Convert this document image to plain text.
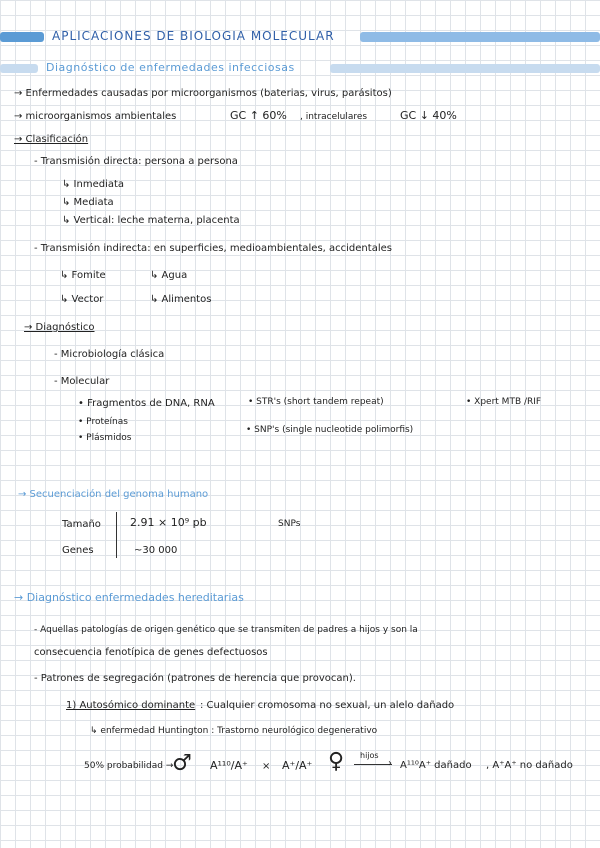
APLICACIONES DE BIOLOGIA MOLECULAR
Diagnóstico de enfermedades infecciosas
→ Enfermedades causadas por microorganismos (baterias, virus, parásitos)
→ microorganismos ambientales	GC ↑ 60% , intracelulares	GC ↓ 40%
→ Clasificación
- Transmisión directa: persona a persona
↳ Inmediata
↳ Mediata
↳ Vertical: leche materna, placenta
- Transmisión indirecta: en superficies, medioambientales, accidentales
↳ Fomite	↳ Agua
↳ Vector	↳ Alimentos
→ Diagnóstico
- Microbiología clásica
- Molecular
• Fragmentos de DNA, RNA	• STR's (short tandem repeat)	• Xpert MTB /RIF
• Proteínas
• SNP's (single nucleotide polimorfis)
• Plásmidos
→ Secuenciación del genoma humano
Tamaño	2.91 × 10⁹ pb	SNPs
Genes	~30 000
→ Diagnóstico enfermedades hereditarias
- Aquellas patologías de origen genético que se transmiten de padres a hijos y son la
consecuencia fenotípica de genes defectuosos
- Patrones de segregación (patrones de herencia que provocan).
1) Autosómico dominante : Cualquier cromosoma no sexual, un alelo dañado
↳ enfermedad Huntington : Trastorno neurológico degenerativo
50% probabilidad →
♂ A¹¹⁰/A⁺ × A⁺/A⁺ ♀ hijos
› A¹¹⁰A⁺ dañado , A⁺A⁺ no dañado
